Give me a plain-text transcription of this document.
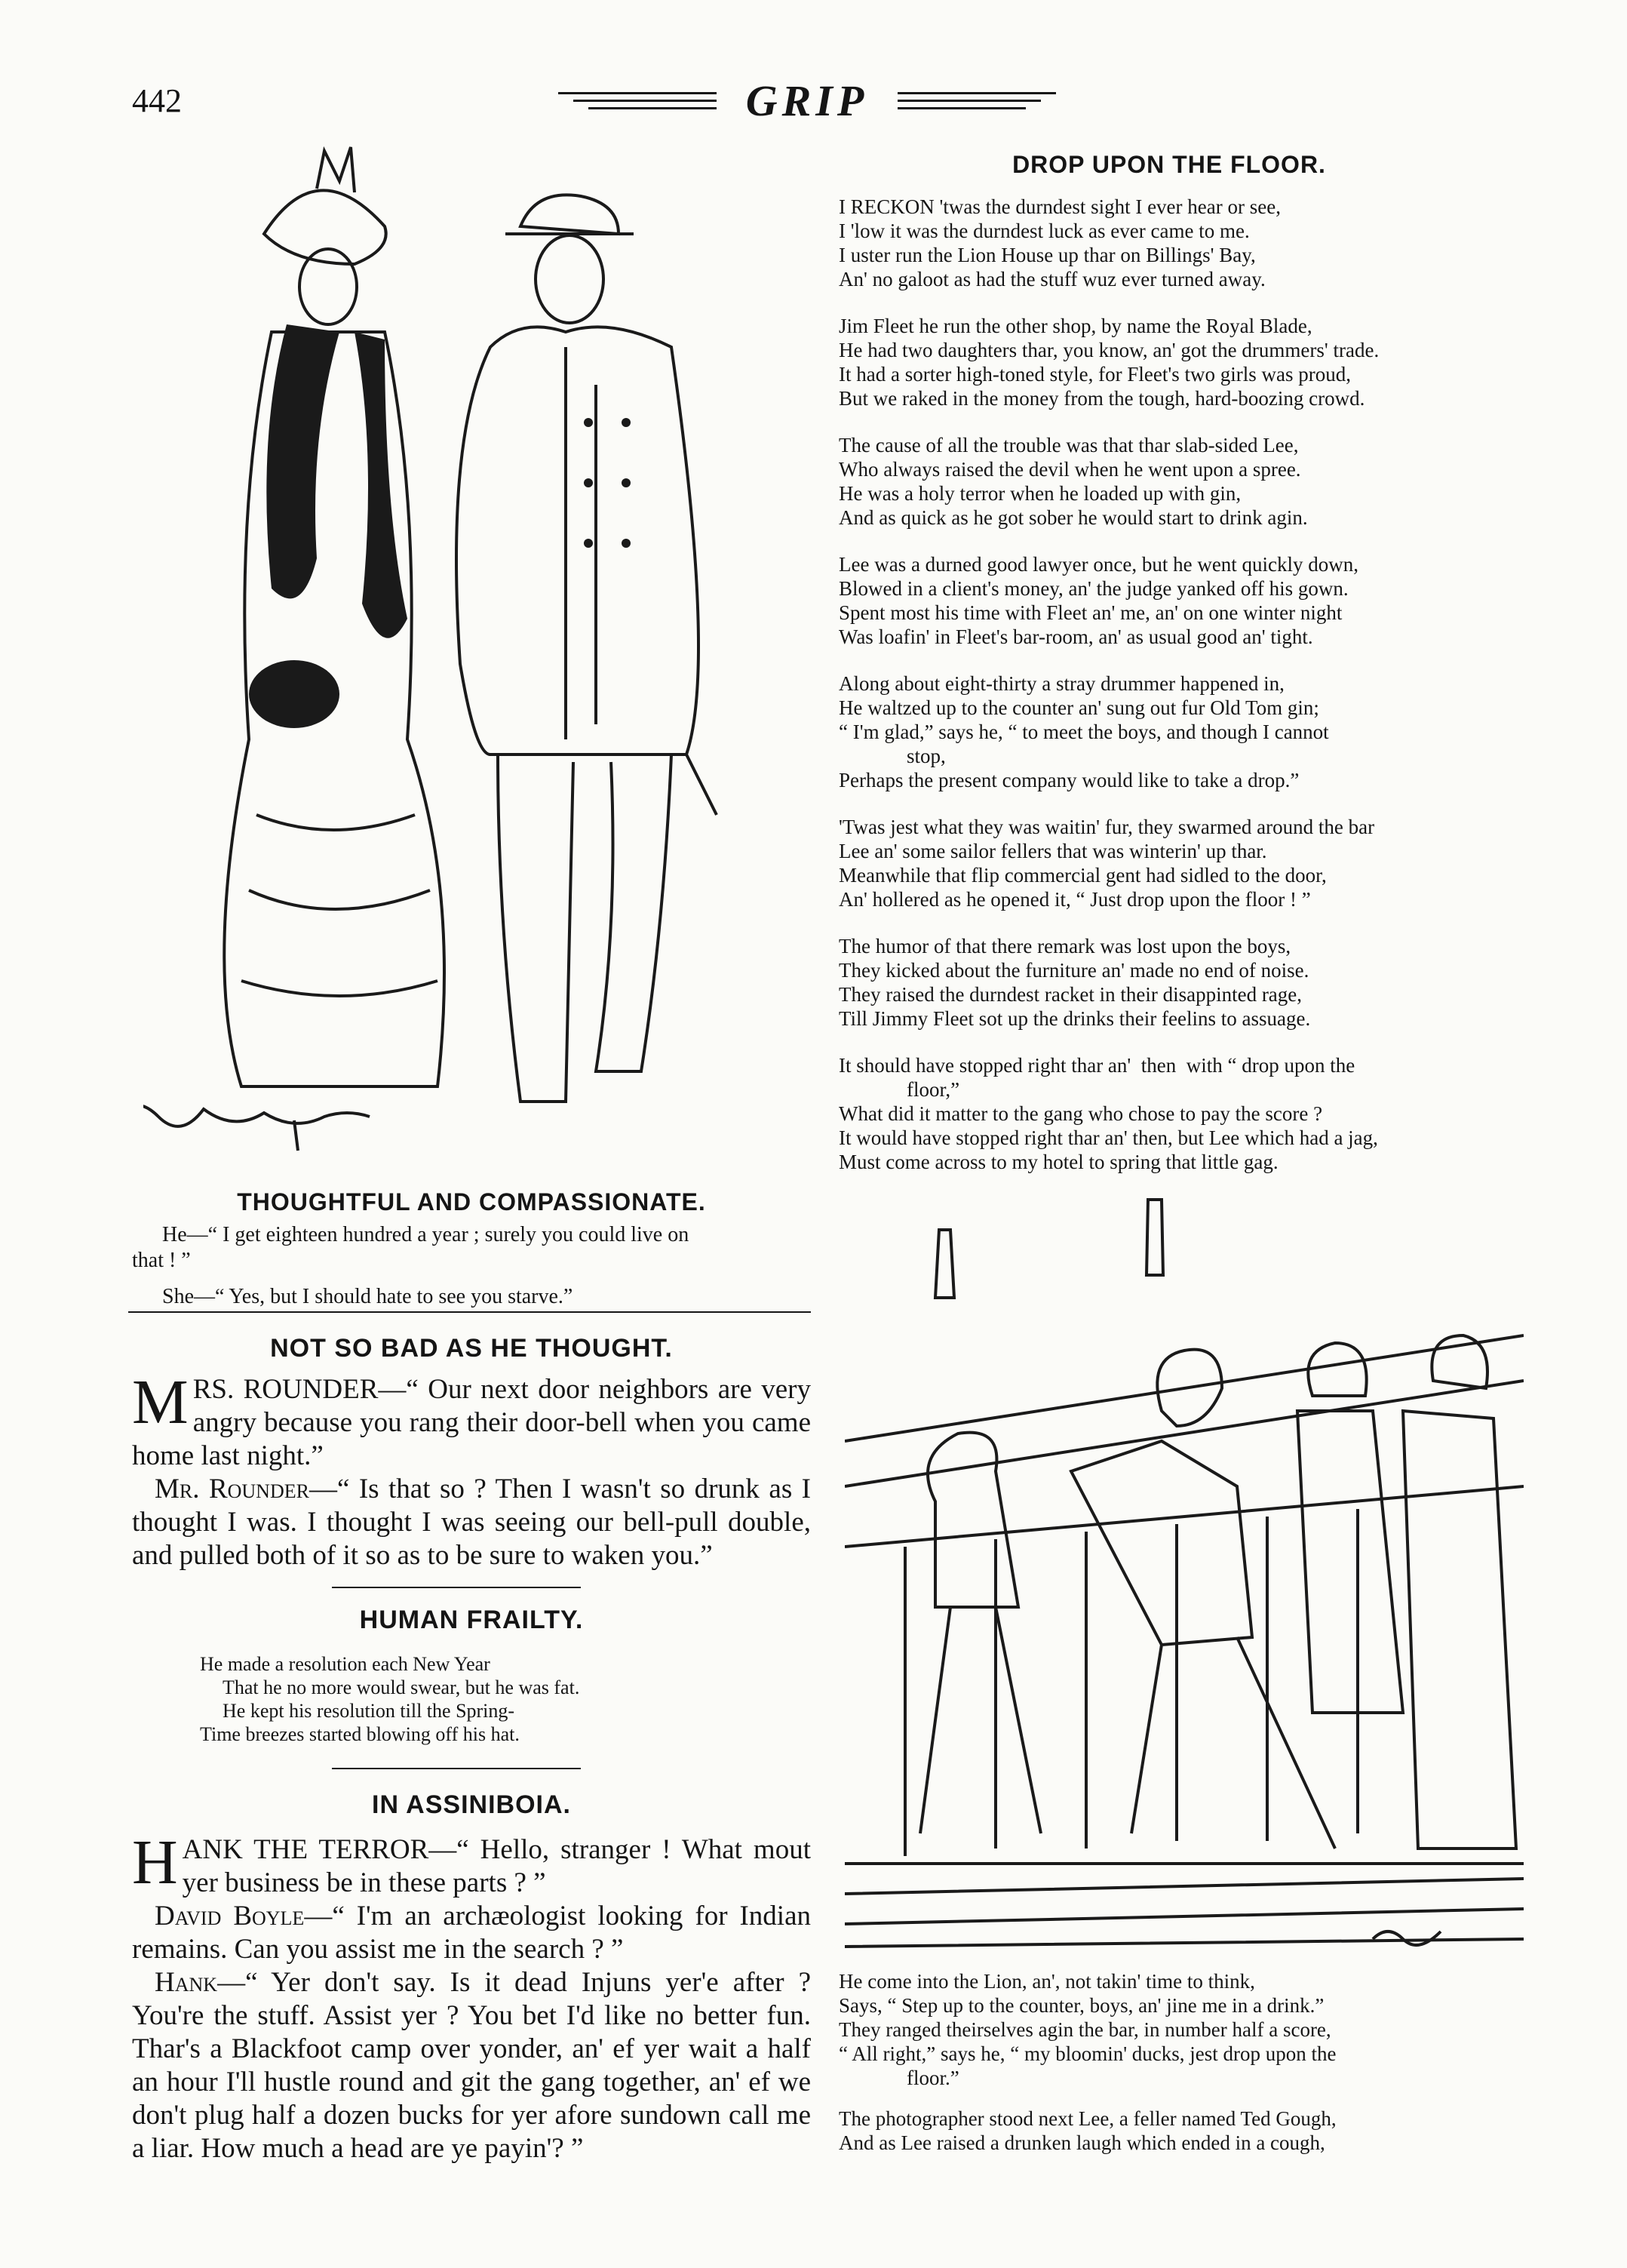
442	GRIP
THOUGHTFUL AND COMPASSIONATE.

He—“ I get eighteen hundred a year ; surely you could live on

that ! ”

She—“ Yes, but I should hate to see you starve.”

NOT SO BAD AS HE THOUGHT.

MRS. ROUNDER—“ Our next door neighbors are very angry because you rang their door-bell when you came home last night.”

Mr. Rounder—“ Is that so ? Then I wasn't so drunk as I thought I was. I thought I was seeing our bell-pull double, and pulled both of it so as to be sure to waken you.”

HUMAN FRAILTY.

He made a resolution each New Year

That he no more would swear, but he was fat.

He kept his resolution till the Spring-

Time breezes started blowing off his hat.

IN ASSINIBOIA.

HANK THE TERROR—“ Hello, stranger ! What mout yer business be in these parts ? ”

David Boyle—“ I'm an archæologist looking for Indian remains. Can you assist me in the search ? ”

Hank—“ Yer don't say. Is it dead Injuns yer'e after ? You're the stuff. Assist yer ? You bet I'd like no better fun. Thar's a Blackfoot camp over yonder, an' ef yer wait a half an hour I'll hustle round and git the gang together, an' ef we don't plug half a dozen bucks for yer afore sundown call me a liar. How much a head are ye payin'? ”

DROP UPON THE FLOOR.

I RECKON 'twas the durndest sight I ever hear or see,

I 'low it was the durndest luck as ever came to me.

I uster run the Lion House up thar on Billings' Bay,

An' no galoot as had the stuff wuz ever turned away.

Jim Fleet he run the other shop, by name the Royal Blade,

He had two daughters thar, you know, an' got the drummers' trade.

It had a sorter high-toned style, for Fleet's two girls was proud,

But we raked in the money from the tough, hard-boozing crowd.

The cause of all the trouble was that thar slab-sided Lee,

Who always raised the devil when he went upon a spree.

He was a holy terror when he loaded up with gin,

And as quick as he got sober he would start to drink agin.

Lee was a durned good lawyer once, but he went quickly down,

Blowed in a client's money, an' the judge yanked off his gown.

Spent most his time with Fleet an' me, an' on one winter night

Was loafin' in Fleet's bar-room, an' as usual good an' tight.

Along about eight-thirty a stray drummer happened in,

He waltzed up to the counter an' sung out fur Old Tom gin;

“ I'm glad,” says he, “ to meet the boys, and though I cannot

stop,

Perhaps the present company would like to take a drop.”

'Twas jest what they was waitin' fur, they swarmed around the bar

Lee an' some sailor fellers that was winterin' up thar.

Meanwhile that flip commercial gent had sidled to the door,

An' hollered as he opened it, “ Just drop upon the floor ! ”

The humor of that there remark was lost upon the boys,

They kicked about the furniture an' made no end of noise.

They raised the durndest racket in their disappinted rage,

Till Jimmy Fleet sot up the drinks their feelins to assuage.

It should have stopped right thar an'  then  with “ drop upon the

floor,”

What did it matter to the gang who chose to pay the score ?

It would have stopped right thar an' then, but Lee which had a jag,

Must come across to my hotel to spring that little gag.

He come into the Lion, an', not takin' time to think,

Says, “ Step up to the counter, boys, an' jine me in a drink.”

They ranged theirselves agin the bar, in number half a score,

“ All right,” says he, “ my bloomin' ducks, jest drop upon the

floor.”

The photographer stood next Lee, a feller named Ted Gough,

And as Lee raised a drunken laugh which ended in a cough,
